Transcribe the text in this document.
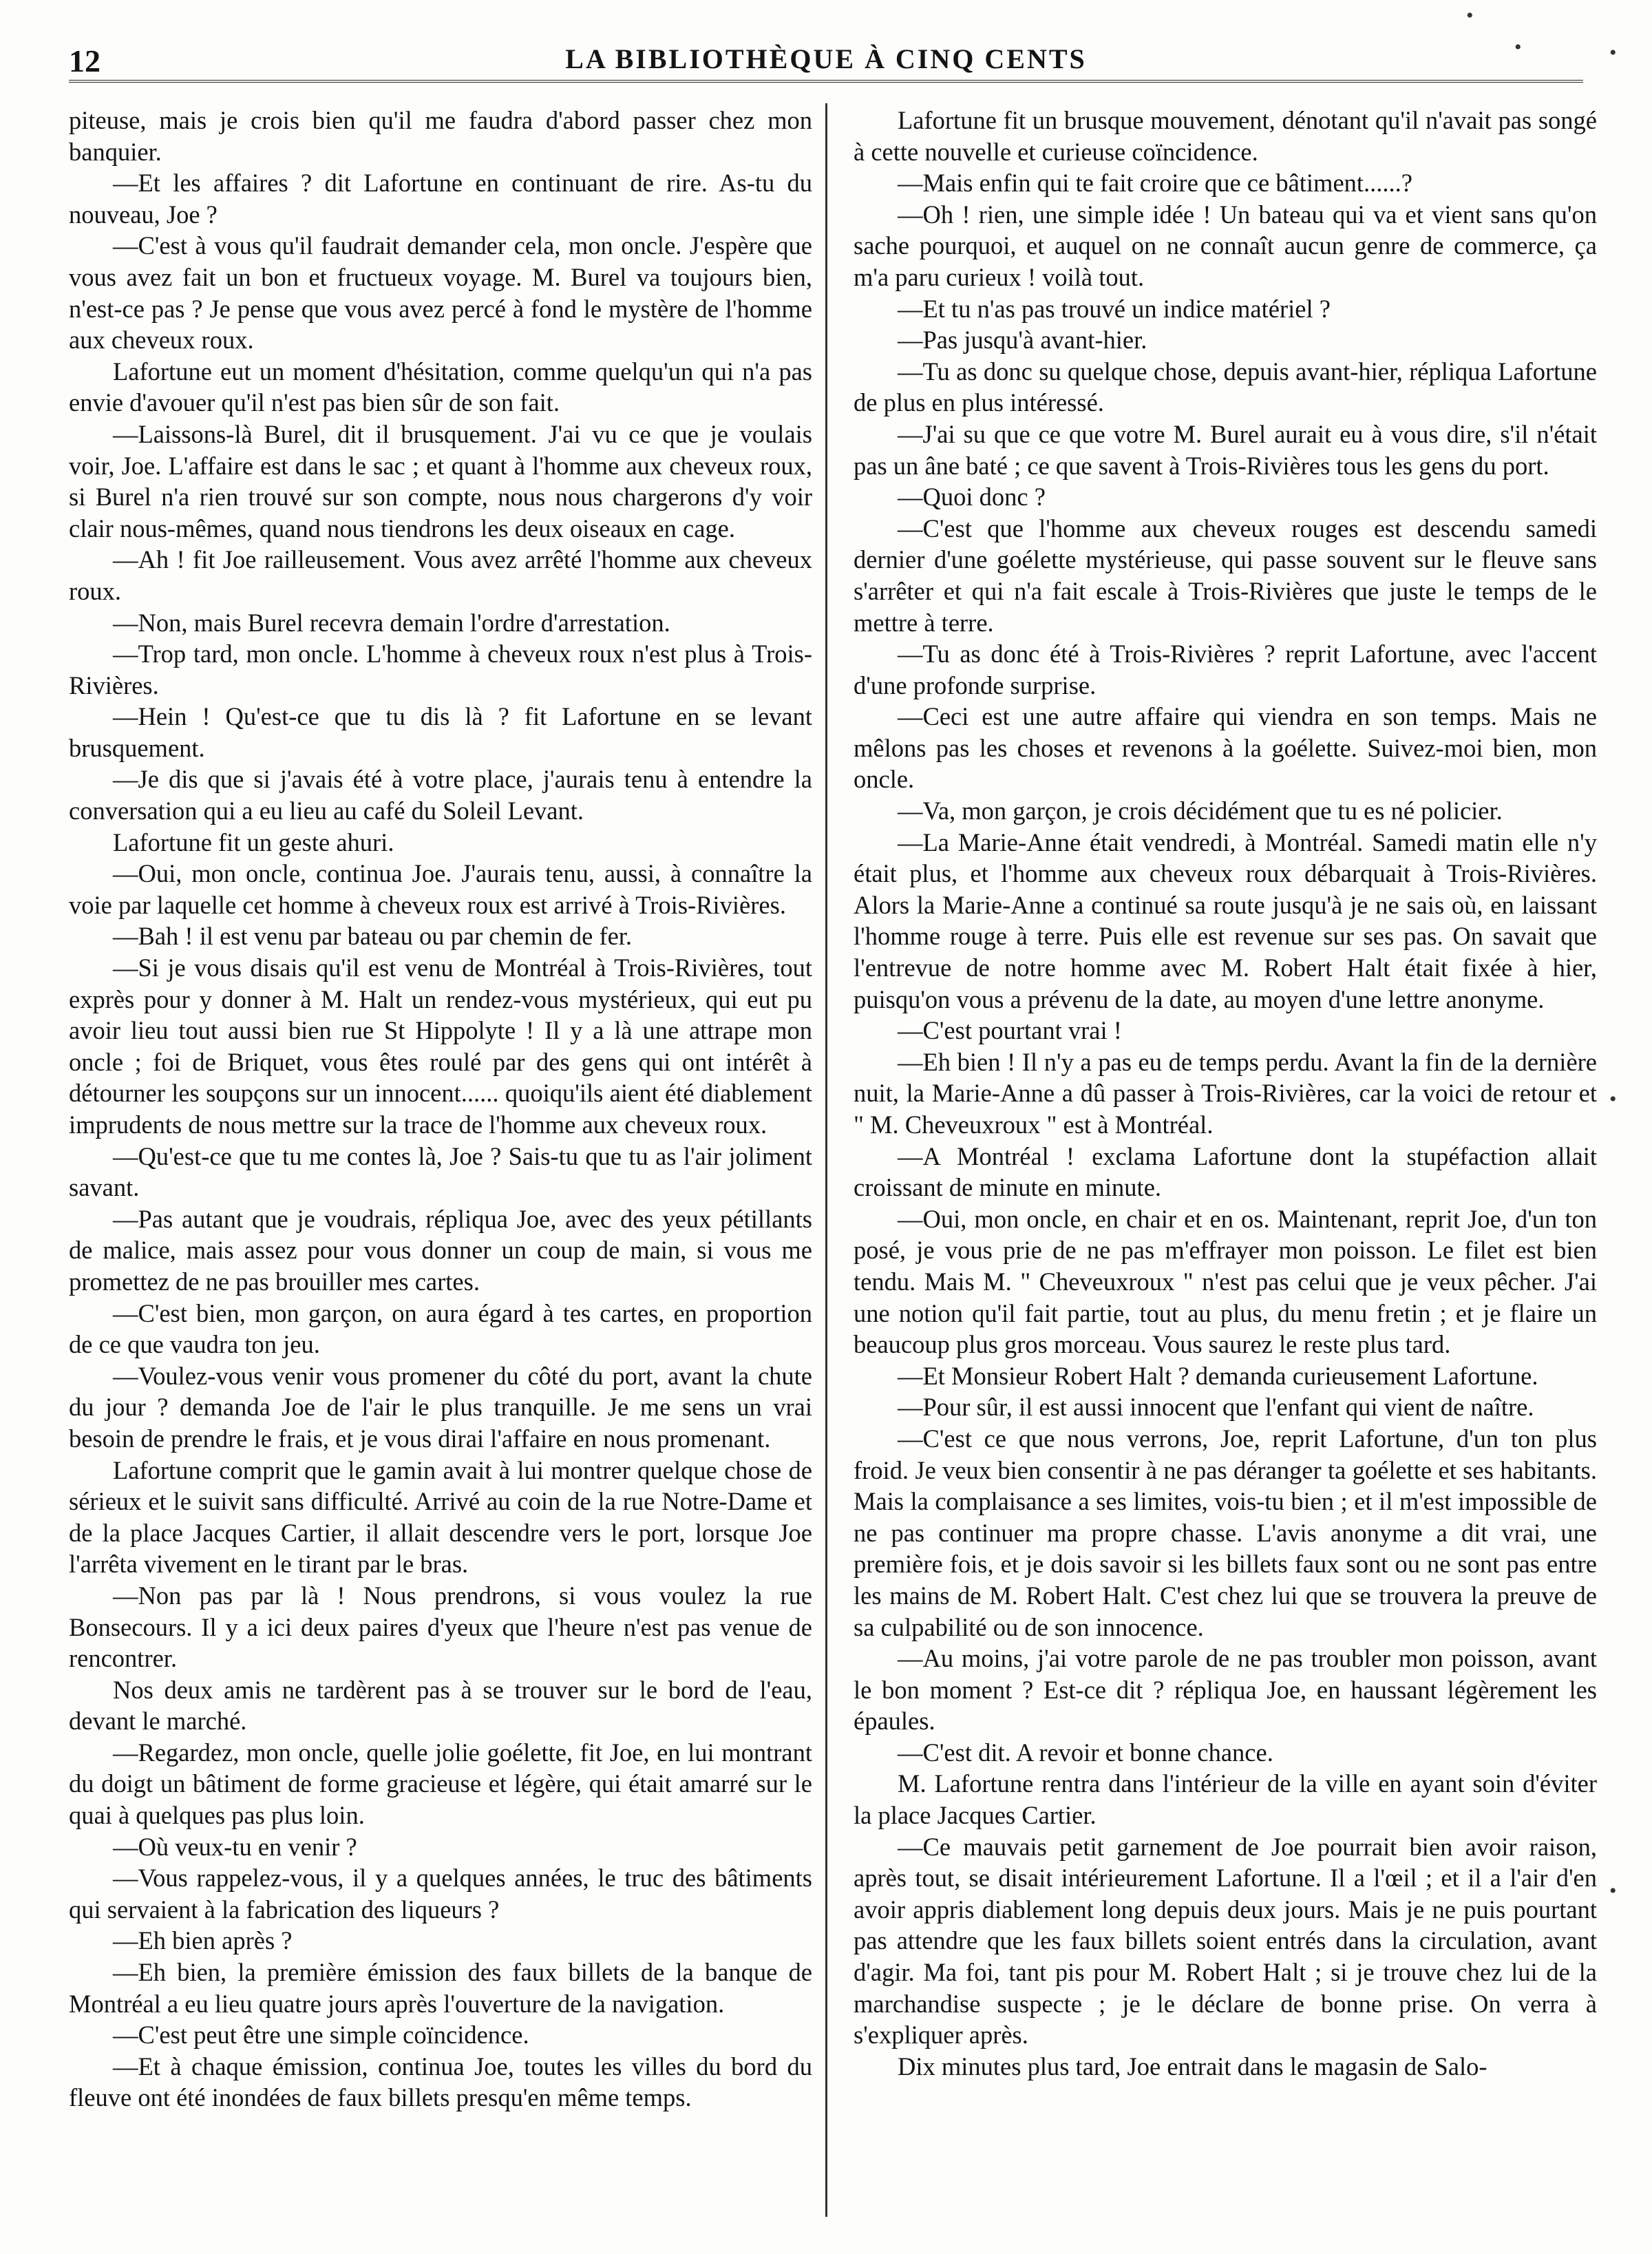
12	LA BIBLIOTHÈQUE À CINQ CENTS

piteuse, mais je crois bien qu'il me faudra d'abord passer chez mon banquier.

—Et les affaires ? dit Lafortune en continuant de rire. As-tu du nouveau, Joe ?

—C'est à vous qu'il faudrait demander cela, mon oncle. J'espère que vous avez fait un bon et fructueux voyage. M. Burel va toujours bien, n'est-ce pas ? Je pense que vous avez percé à fond le mystère de l'homme aux cheveux roux.

Lafortune eut un moment d'hésitation, comme quelqu'un qui n'a pas envie d'avouer qu'il n'est pas bien sûr de son fait.

—Laissons-là Burel, dit il brusquement. J'ai vu ce que je voulais voir, Joe. L'affaire est dans le sac ; et quant à l'homme aux cheveux roux, si Burel n'a rien trouvé sur son compte, nous nous chargerons d'y voir clair nous-mêmes, quand nous tiendrons les deux oiseaux en cage.

—Ah ! fit Joe railleusement. Vous avez arrêté l'homme aux cheveux roux.

—Non, mais Burel recevra demain l'ordre d'arrestation.

—Trop tard, mon oncle. L'homme à cheveux roux n'est plus à Trois-Rivières.

—Hein ! Qu'est-ce que tu dis là ? fit Lafortune en se levant brusquement.

—Je dis que si j'avais été à votre place, j'aurais tenu à entendre la conversation qui a eu lieu au café du Soleil Levant.

Lafortune fit un geste ahuri.

—Oui, mon oncle, continua Joe. J'aurais tenu, aussi, à connaître la voie par laquelle cet homme à cheveux roux est arrivé à Trois-Rivières.

—Bah ! il est venu par bateau ou par chemin de fer.

—Si je vous disais qu'il est venu de Montréal à Trois-Rivières, tout exprès pour y donner à M. Halt un rendez-vous mystérieux, qui eut pu avoir lieu tout aussi bien rue St Hippolyte ! Il y a là une attrape mon oncle ; foi de Briquet, vous êtes roulé par des gens qui ont intérêt à détourner les soupçons sur un innocent...... quoiqu'ils aient été diablement imprudents de nous mettre sur la trace de l'homme aux cheveux roux.

—Qu'est-ce que tu me contes là, Joe ? Sais-tu que tu as l'air joliment savant.

—Pas autant que je voudrais, répliqua Joe, avec des yeux pétillants de malice, mais assez pour vous donner un coup de main, si vous me promettez de ne pas brouiller mes cartes.

—C'est bien, mon garçon, on aura égard à tes cartes, en proportion de ce que vaudra ton jeu.

—Voulez-vous venir vous promener du côté du port, avant la chute du jour ? demanda Joe de l'air le plus tranquille. Je me sens un vrai besoin de prendre le frais, et je vous dirai l'affaire en nous promenant.

Lafortune comprit que le gamin avait à lui montrer quelque chose de sérieux et le suivit sans difficulté. Arrivé au coin de la rue Notre-Dame et de la place Jacques Cartier, il allait descendre vers le port, lorsque Joe l'arrêta vivement en le tirant par le bras.

—Non pas par là ! Nous prendrons, si vous voulez la rue Bonsecours. Il y a ici deux paires d'yeux que l'heure n'est pas venue de rencontrer.

Nos deux amis ne tardèrent pas à se trouver sur le bord de l'eau, devant le marché.

—Regardez, mon oncle, quelle jolie goélette, fit Joe, en lui montrant du doigt un bâtiment de forme gracieuse et légère, qui était amarré sur le quai à quelques pas plus loin.

—Où veux-tu en venir ?

—Vous rappelez-vous, il y a quelques années, le truc des bâtiments qui servaient à la fabrication des liqueurs ?

—Eh bien après ?

—Eh bien, la première émission des faux billets de la banque de Montréal a eu lieu quatre jours après l'ouverture de la navigation.

—C'est peut être une simple coïncidence.

—Et à chaque émission, continua Joe, toutes les villes du bord du fleuve ont été inondées de faux billets presqu'en même temps.

Lafortune fit un brusque mouvement, dénotant qu'il n'avait pas songé à cette nouvelle et curieuse coïncidence.

—Mais enfin qui te fait croire que ce bâtiment......?

—Oh ! rien, une simple idée ! Un bateau qui va et vient sans qu'on sache pourquoi, et auquel on ne connaît aucun genre de commerce, ça m'a paru curieux ! voilà tout.

—Et tu n'as pas trouvé un indice matériel ?

—Pas jusqu'à avant-hier.

—Tu as donc su quelque chose, depuis avant-hier, répliqua Lafortune de plus en plus intéressé.

—J'ai su que ce que votre M. Burel aurait eu à vous dire, s'il n'était pas un âne baté ; ce que savent à Trois-Rivières tous les gens du port.

—Quoi donc ?

—C'est que l'homme aux cheveux rouges est descendu samedi dernier d'une goélette mystérieuse, qui passe souvent sur le fleuve sans s'arrêter et qui n'a fait escale à Trois-Rivières que juste le temps de le mettre à terre.

—Tu as donc été à Trois-Rivières ? reprit Lafortune, avec l'accent d'une profonde surprise.

—Ceci est une autre affaire qui viendra en son temps. Mais ne mêlons pas les choses et revenons à la goélette. Suivez-moi bien, mon oncle.

—Va, mon garçon, je crois décidément que tu es né policier.

—La Marie-Anne était vendredi, à Montréal. Samedi matin elle n'y était plus, et l'homme aux cheveux roux débarquait à Trois-Rivières. Alors la Marie-Anne a continué sa route jusqu'à je ne sais où, en laissant l'homme rouge à terre. Puis elle est revenue sur ses pas. On savait que l'entrevue de notre homme avec M. Robert Halt était fixée à hier, puisqu'on vous a prévenu de la date, au moyen d'une lettre anonyme.

—C'est pourtant vrai !

—Eh bien ! Il n'y a pas eu de temps perdu. Avant la fin de la dernière nuit, la Marie-Anne a dû passer à Trois-Rivières, car la voici de retour et " M. Cheveuxroux " est à Montréal.

—A Montréal ! exclama Lafortune dont la stupéfaction allait croissant de minute en minute.

—Oui, mon oncle, en chair et en os. Maintenant, reprit Joe, d'un ton posé, je vous prie de ne pas m'effrayer mon poisson. Le filet est bien tendu. Mais M. " Cheveuxroux " n'est pas celui que je veux pêcher. J'ai une notion qu'il fait partie, tout au plus, du menu fretin ; et je flaire un beaucoup plus gros morceau. Vous saurez le reste plus tard.

—Et Monsieur Robert Halt ? demanda curieusement Lafortune.

—Pour sûr, il est aussi innocent que l'enfant qui vient de naître.

—C'est ce que nous verrons, Joe, reprit Lafortune, d'un ton plus froid. Je veux bien consentir à ne pas déranger ta goélette et ses habitants. Mais la complaisance a ses limites, vois-tu bien ; et il m'est impossible de ne pas continuer ma propre chasse. L'avis anonyme a dit vrai, une première fois, et je dois savoir si les billets faux sont ou ne sont pas entre les mains de M. Robert Halt. C'est chez lui que se trouvera la preuve de sa culpabilité ou de son innocence.

—Au moins, j'ai votre parole de ne pas troubler mon poisson, avant le bon moment ? Est-ce dit ? répliqua Joe, en haussant légèrement les épaules.

—C'est dit. A revoir et bonne chance.

M. Lafortune rentra dans l'intérieur de la ville en ayant soin d'éviter la place Jacques Cartier.

—Ce mauvais petit garnement de Joe pourrait bien avoir raison, après tout, se disait intérieurement Lafortune. Il a l'œil ; et il a l'air d'en avoir appris diablement long depuis deux jours. Mais je ne puis pourtant pas attendre que les faux billets soient entrés dans la circulation, avant d'agir. Ma foi, tant pis pour M. Robert Halt ; si je trouve chez lui de la marchandise suspecte ; je le déclare de bonne prise. On verra à s'expliquer après.

Dix minutes plus tard, Joe entrait dans le magasin de Salo-

•
•	•
•
•
